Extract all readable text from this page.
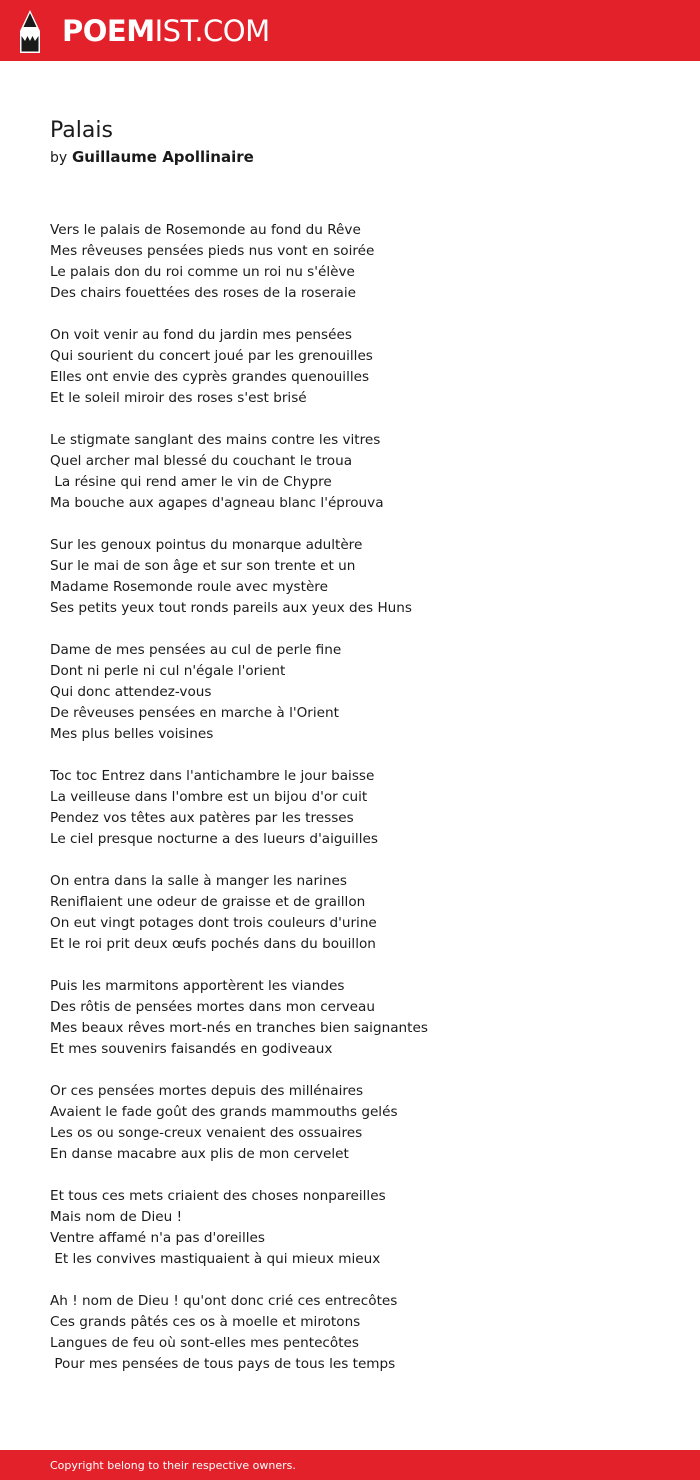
POEMIST.COM
Palais
by Guillaume Apollinaire
Vers le palais de Rosemonde au fond du Rêve
Mes rêveuses pensées pieds nus vont en soirée
Le palais don du roi comme un roi nu s'élève
Des chairs fouettées des roses de la roseraie
On voit venir au fond du jardin mes pensées
Qui sourient du concert joué par les grenouilles
Elles ont envie des cyprès grandes quenouilles
Et le soleil miroir des roses s'est brisé
Le stigmate sanglant des mains contre les vitres
Quel archer mal blessé du couchant le troua
La résine qui rend amer le vin de Chypre
Ma bouche aux agapes d'agneau blanc l'éprouva
Sur les genoux pointus du monarque adultère
Sur le mai de son âge et sur son trente et un
Madame Rosemonde roule avec mystère
Ses petits yeux tout ronds pareils aux yeux des Huns
Dame de mes pensées au cul de perle fine
Dont ni perle ni cul n'égale l'orient
Qui donc attendez-vous
De rêveuses pensées en marche à l'Orient
Mes plus belles voisines
Toc toc Entrez dans l'antichambre le jour baisse
La veilleuse dans l'ombre est un bijou d'or cuit
Pendez vos têtes aux patères par les tresses
Le ciel presque nocturne a des lueurs d'aiguilles
On entra dans la salle à manger les narines
Reniflaient une odeur de graisse et de graillon
On eut vingt potages dont trois couleurs d'urine
Et le roi prit deux œufs pochés dans du bouillon
Puis les marmitons apportèrent les viandes
Des rôtis de pensées mortes dans mon cerveau
Mes beaux rêves mort-nés en tranches bien saignantes
Et mes souvenirs faisandés en godiveaux
Or ces pensées mortes depuis des millénaires
Avaient le fade goût des grands mammouths gelés
Les os ou songe-creux venaient des ossuaires
En danse macabre aux plis de mon cervelet
Et tous ces mets criaient des choses nonpareilles
Mais nom de Dieu !
Ventre affamé n'a pas d'oreilles
Et les convives mastiquaient à qui mieux mieux
Ah ! nom de Dieu ! qu'ont donc crié ces entrecôtes
Ces grands pâtés ces os à moelle et mirotons
Langues de feu où sont-elles mes pentecôtes
Pour mes pensées de tous pays de tous les temps
Copyright belong to their respective owners.
